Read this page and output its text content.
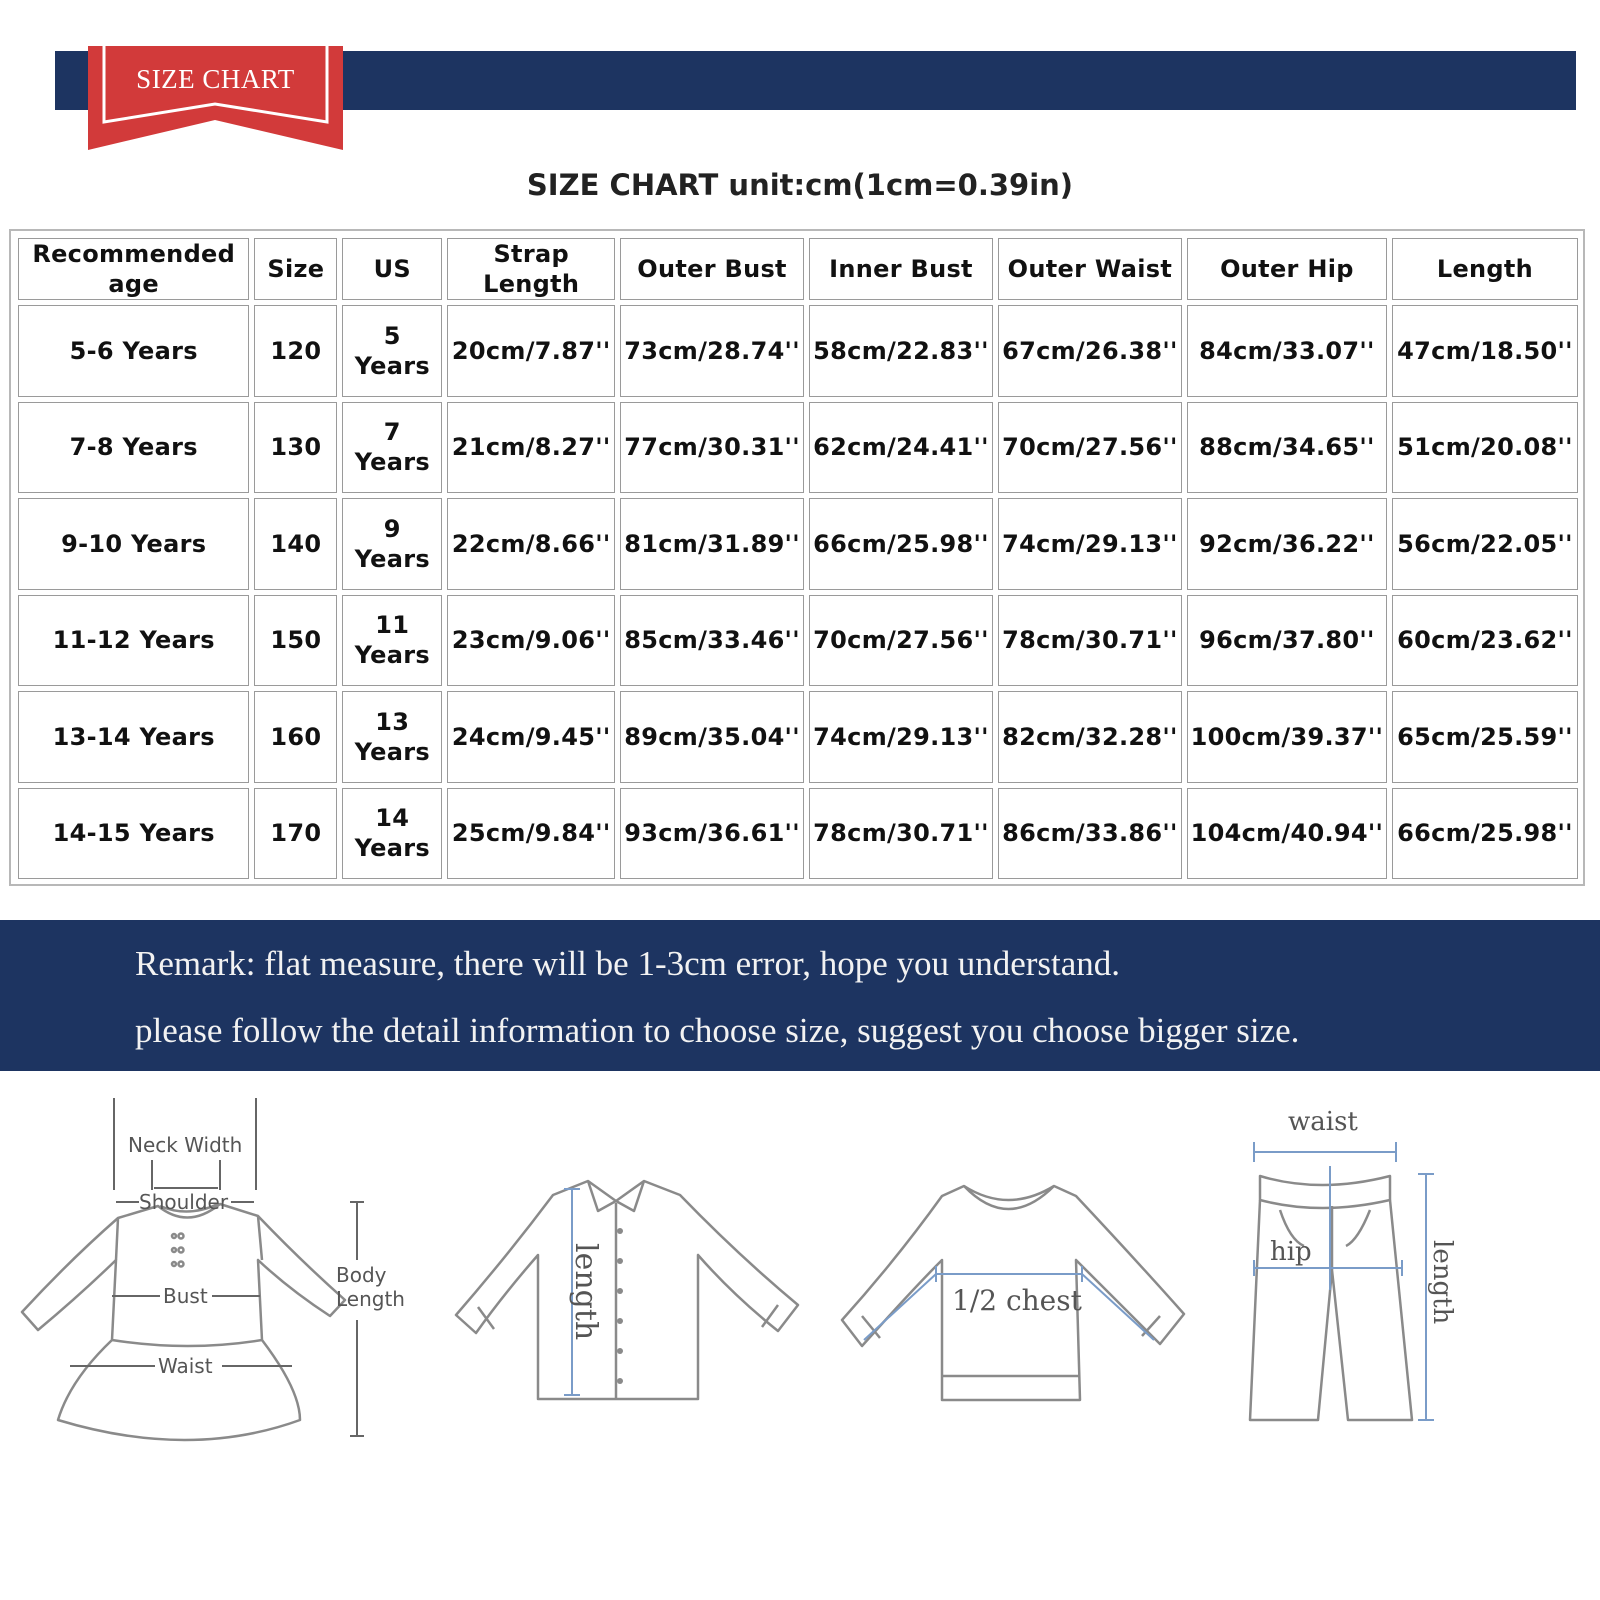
SIZE CHART
SIZE CHART unit:cm(1cm=0.39in)
Recommended age	Size	US	Strap Length	Outer Bust	Inner Bust	Outer Waist	Outer Hip	Length
5-6 Years	120	5 Years	20cm/7.87''	73cm/28.74''	58cm/22.83''	67cm/26.38''	84cm/33.07''	47cm/18.50''
7-8 Years	130	7 Years	21cm/8.27''	77cm/30.31''	62cm/24.41''	70cm/27.56''	88cm/34.65''	51cm/20.08''
9-10 Years	140	9 Years	22cm/8.66''	81cm/31.89''	66cm/25.98''	74cm/29.13''	92cm/36.22''	56cm/22.05''
11-12 Years	150	11 Years	23cm/9.06''	85cm/33.46''	70cm/27.56''	78cm/30.71''	96cm/37.80''	60cm/23.62''
13-14 Years	160	13 Years	24cm/9.45''	89cm/35.04''	74cm/29.13''	82cm/32.28''	100cm/39.37''	65cm/25.59''
14-15 Years	170	14 Years	25cm/9.84''	93cm/36.61''	78cm/30.71''	86cm/33.86''	104cm/40.94''	66cm/25.98''
Remark: flat measure, there will be 1-3cm error, hope you understand.
please follow the detail information to choose size, suggest you choose bigger size.
Shoulder
Neck Width
Bust
Waist
Body
Length	length	1/2 chest
waist
hip	length
